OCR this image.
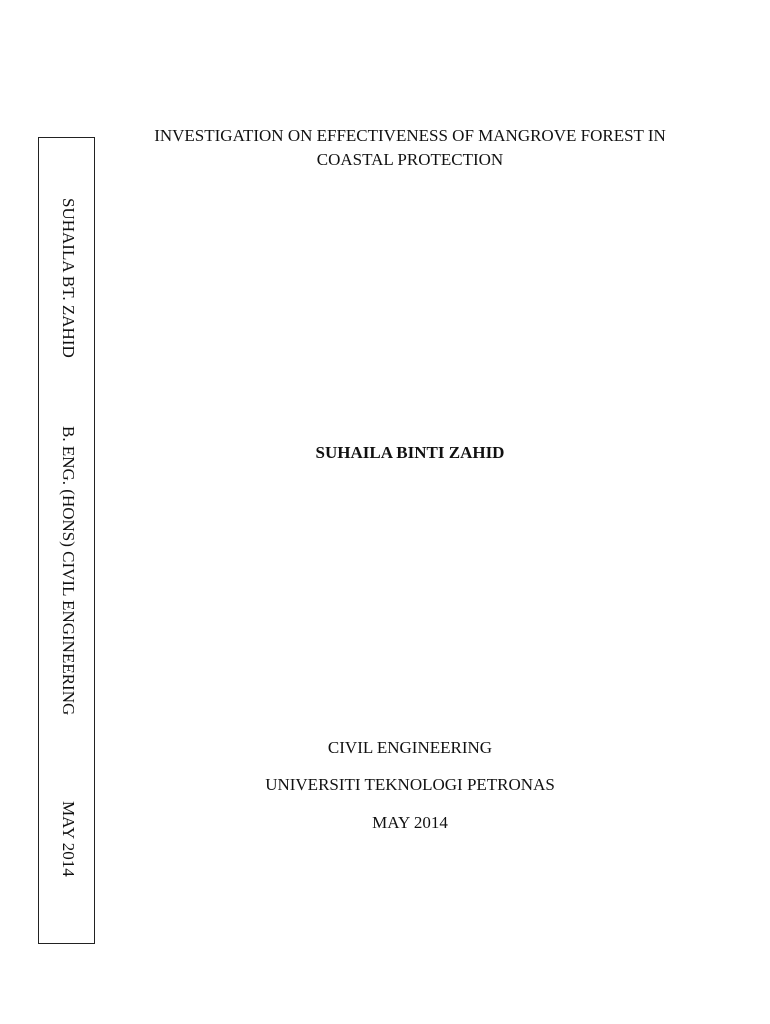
SUHAILA BT. ZAHID
B. ENG. (HONS) CIVIL ENGINEERING
MAY 2014
INVESTIGATION ON EFFECTIVENESS OF MANGROVE FOREST IN
COASTAL PROTECTION
SUHAILA BINTI ZAHID
CIVIL ENGINEERING
UNIVERSITI TEKNOLOGI PETRONAS
MAY 2014
